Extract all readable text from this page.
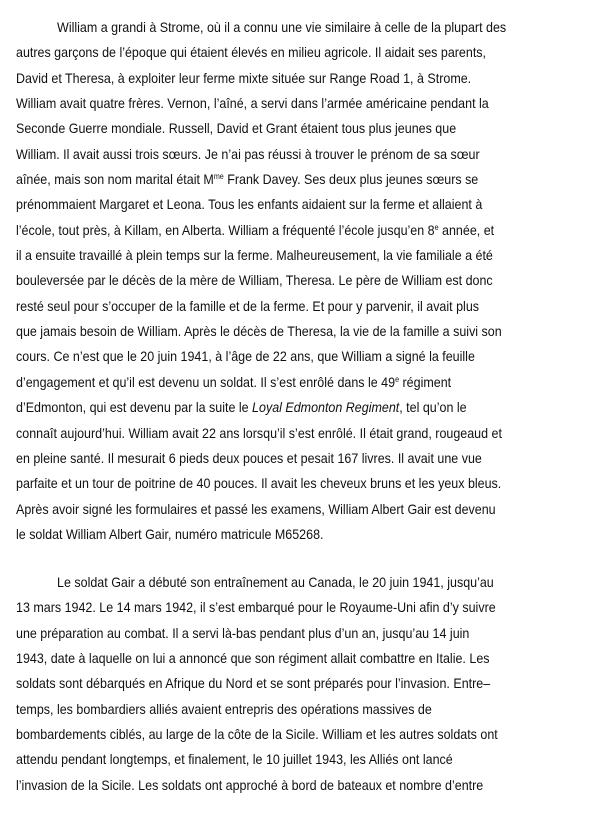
William a grandi à Strome, où il a connu une vie similaire à celle de la plupart des
autres garçons de l’époque qui étaient élevés en milieu agricole. Il aidait ses parents,
David et Theresa, à exploiter leur ferme mixte située sur Range Road 1, à Strome.
William avait quatre frères. Vernon, l’aîné, a servi dans l’armée américaine pendant la
Seconde Guerre mondiale. Russell, David et Grant étaient tous plus jeunes que
William. Il avait aussi trois sœurs. Je n’ai pas réussi à trouver le prénom de sa sœur
aînée, mais son nom marital était $M^{me}$ Frank Davey. Ses deux plus jeunes sœurs se
prénommaient Margaret et Leona. Tous les enfants aidaient sur la ferme et allaient à
l’école, tout près, à Killam, en Alberta. William a fréquenté l’école jusqu’en 8e année, et
il a ensuite travaillé à plein temps sur la ferme. Malheureusement, la vie familiale a été
bouleversée par le décès de la mère de William, Theresa. Le père de William est donc
resté seul pour s’occuper de la famille et de la ferme. Et pour y parvenir, il avait plus
que jamais besoin de William. Après le décès de Theresa, la vie de la famille a suivi son
cours. Ce n’est que le 20 juin 1941, à l’âge de 22 ans, que William a signé la feuille
d’engagement et qu’il est devenu un soldat. Il s’est enrôlé dans le 49e régiment
d’Edmonton, qui est devenu par la suite le Loyal Edmonton Regiment, tel qu’on le
connaît aujourd’hui. William avait 22 ans lorsqu’il s’est enrôlé. Il était grand, rougeaud et
en pleine santé. Il mesurait 6 pieds deux pouces et pesait 167 livres. Il avait une vue
parfaite et un tour de poitrine de 40 pouces. Il avait les cheveux bruns et les yeux bleus.
Après avoir signé les formulaires et passé les examens, William Albert Gair est devenu
le soldat William Albert Gair, numéro matricule M65268.
Le soldat Gair a débuté son entraînement au Canada, le 20 juin 1941, jusqu’au
13 mars 1942. Le 14 mars 1942, il s’est embarqué pour le Royaume-Uni afin d’y suivre
une préparation au combat. Il a servi là-bas pendant plus d’un an, jusqu’au 14 juin
1943, date à laquelle on lui a annoncé que son régiment allait combattre en Italie. Les
soldats sont débarqués en Afrique du Nord et se sont préparés pour l’invasion. Entre–
temps, les bombardiers alliés avaient entrepris des opérations massives de
bombardements ciblés, au large de la côte de la Sicile. William et les autres soldats ont
attendu pendant longtemps, et finalement, le 10 juillet 1943, les Alliés ont lancé
l’invasion de la Sicile. Les soldats ont approché à bord de bateaux et nombre d’entre
